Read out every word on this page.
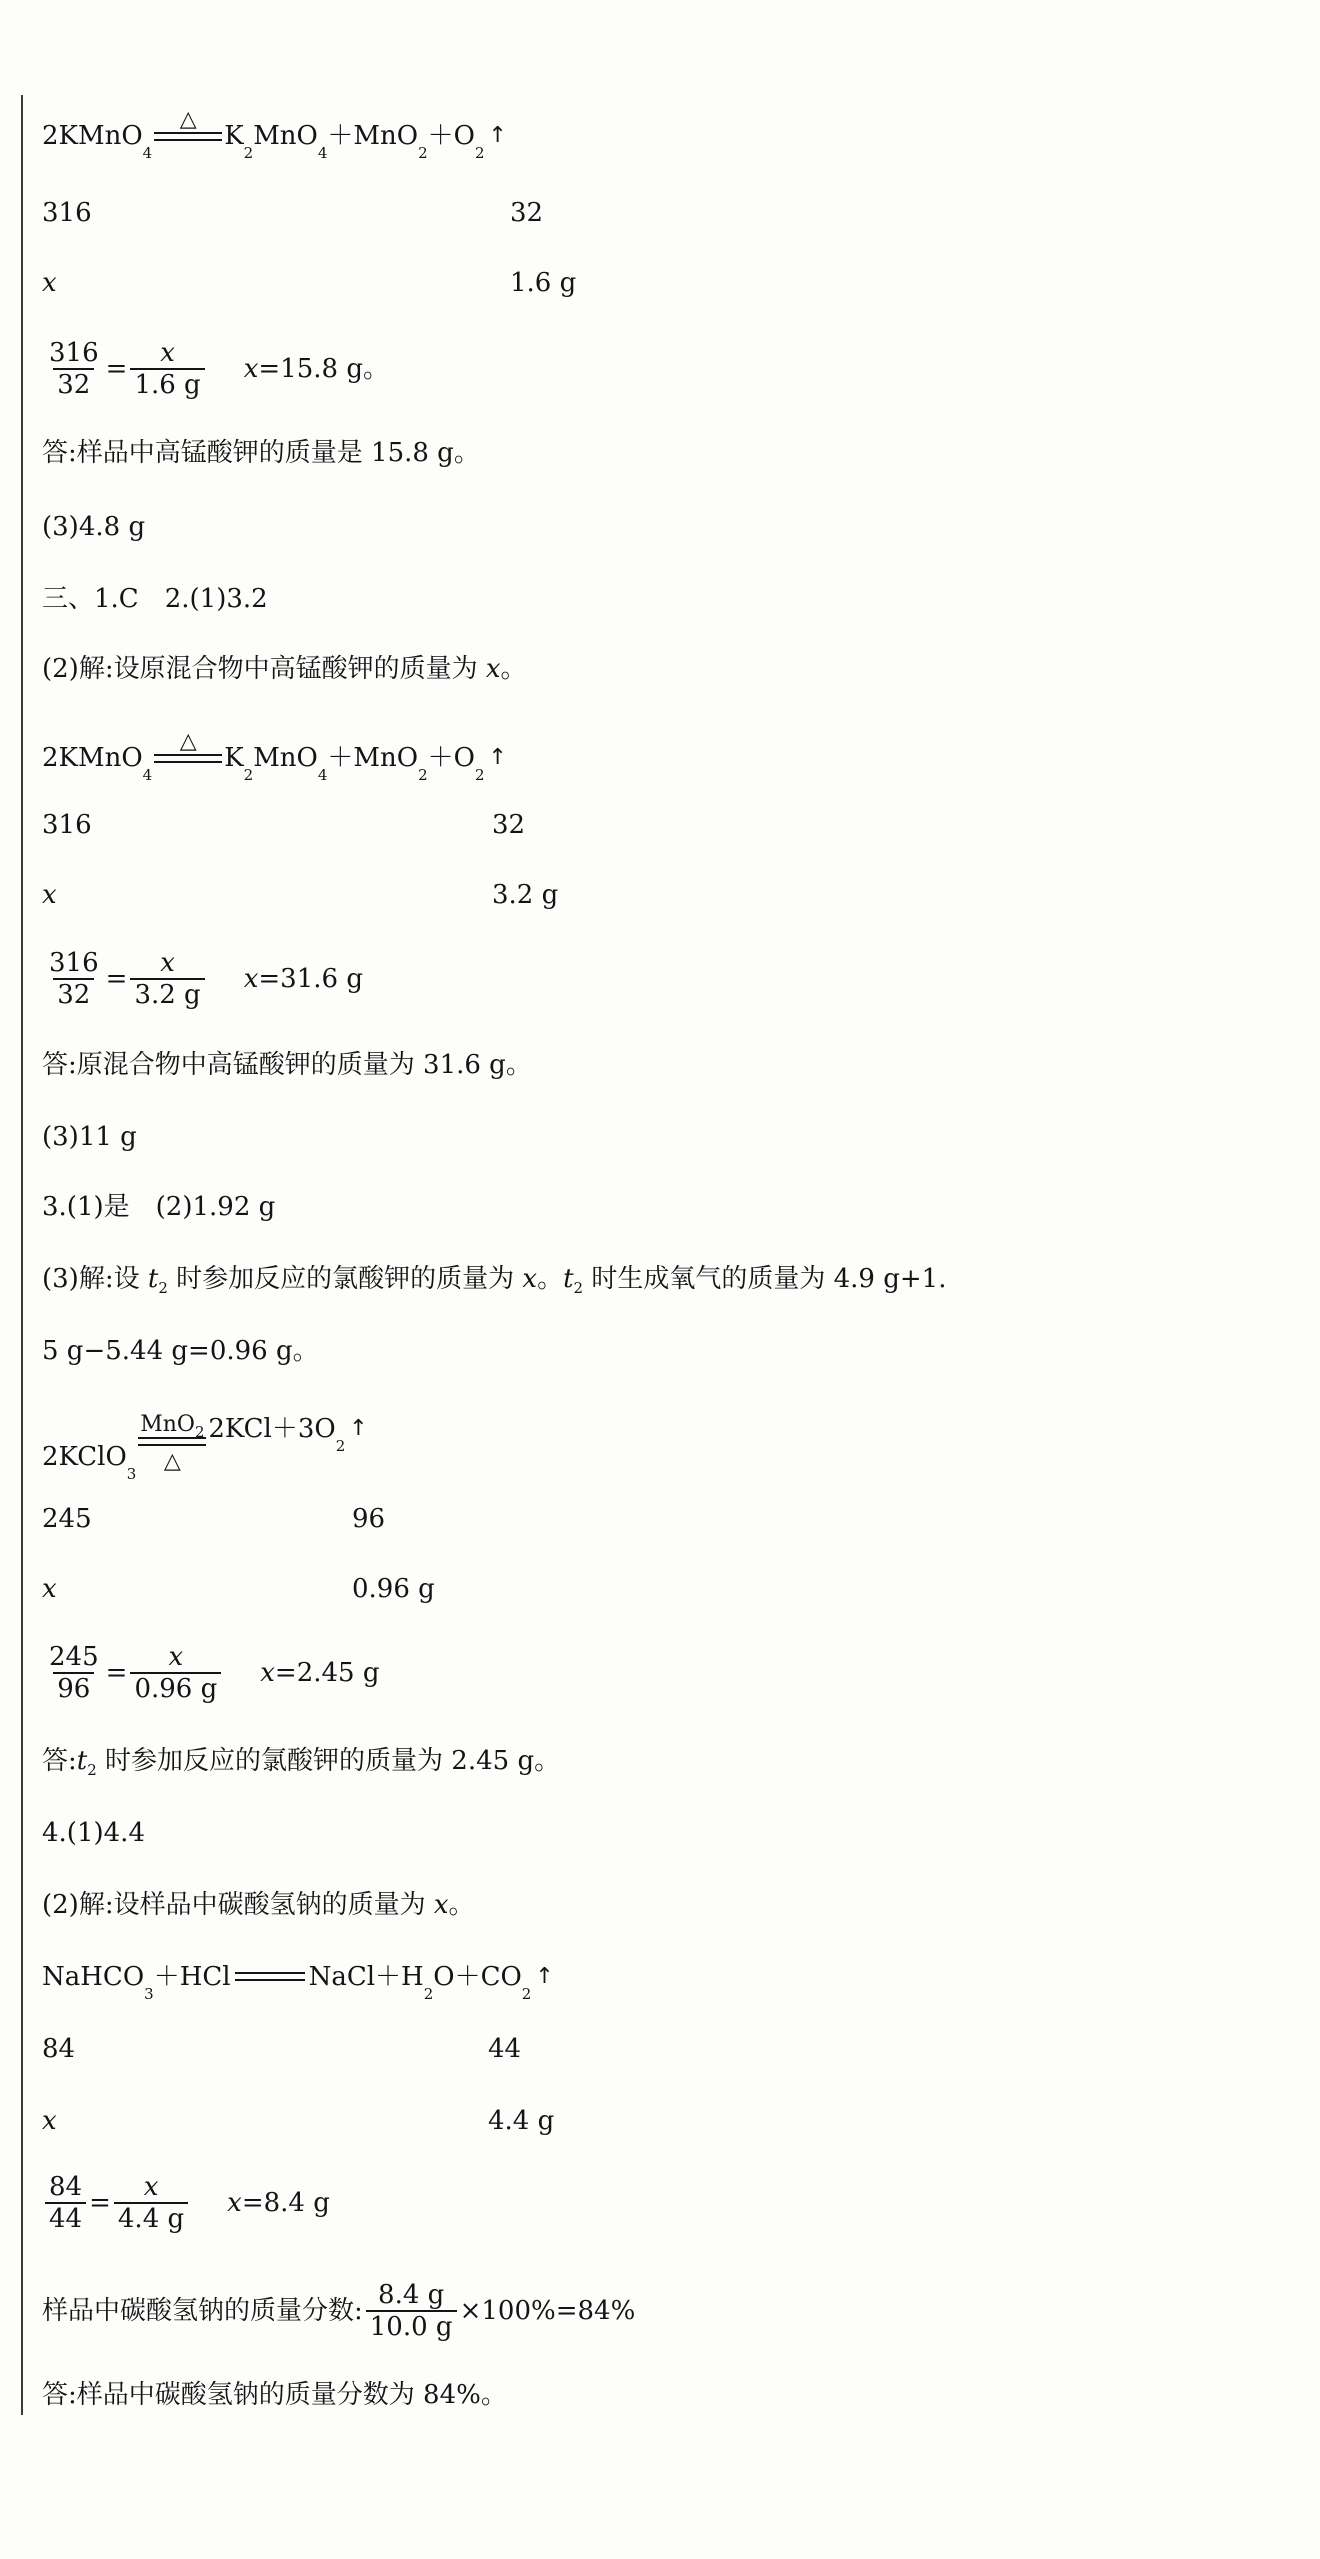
2KMnO
4
△
K
2
MnO
4
＋MnO
2
＋O
2
↑
316	32
x	1.6 g
$\frac{316}{32} = \frac{x}{1.6 g}$ x =15.8 g。
答:样品中高锰酸钾的质量是 15.8 g。
(3)4.8 g
三、1.C　2.(1)3.2
(2)解:设原混合物中高锰酸钾的质量为 x。
2KMnO
4
△
K
2
MnO
4
＋MnO
2
＋O
2
↑
316	32
x	3.2 g
$\frac{316}{32} = \frac{x}{3.2 g}$ x =31.6 g
答:原混合物中高锰酸钾的质量为 31.6 g。
(3)11 g
3.(1)是　(2)1.92 g
(3)解:设 $t_2$ 时参加反应的氯酸钾的质量为 x。$t_2$ 时生成氧气的质量为 4.9 g+1.
5 g−5.44 g=0.96 g。
2KClO
3
MnO$_2$
△
2KCl＋3O
2
↑
245	96
x	0.96 g
$\frac{245}{96} = \frac{x}{0.96 g}$ x =2.45 g
答$:t_2$ 时参加反应的氯酸钾的质量为 2.45 g。
4.(1)4.4
(2)解:设样品中碳酸氢钠的质量为 x。
NaHCO
3
＋HCl	NaCl＋H
2
O＋CO
2
↑
84	44
x	4.4 g
$\frac{84}{44} = \frac{x}{4.4 g}$ x =8.4 g
样品中碳酸氢钠的质量分数: $\frac{8.4 g}{10.0 g} \times 100\%=84\%$
答:样品中碳酸氢钠的质量分数为 84%。
